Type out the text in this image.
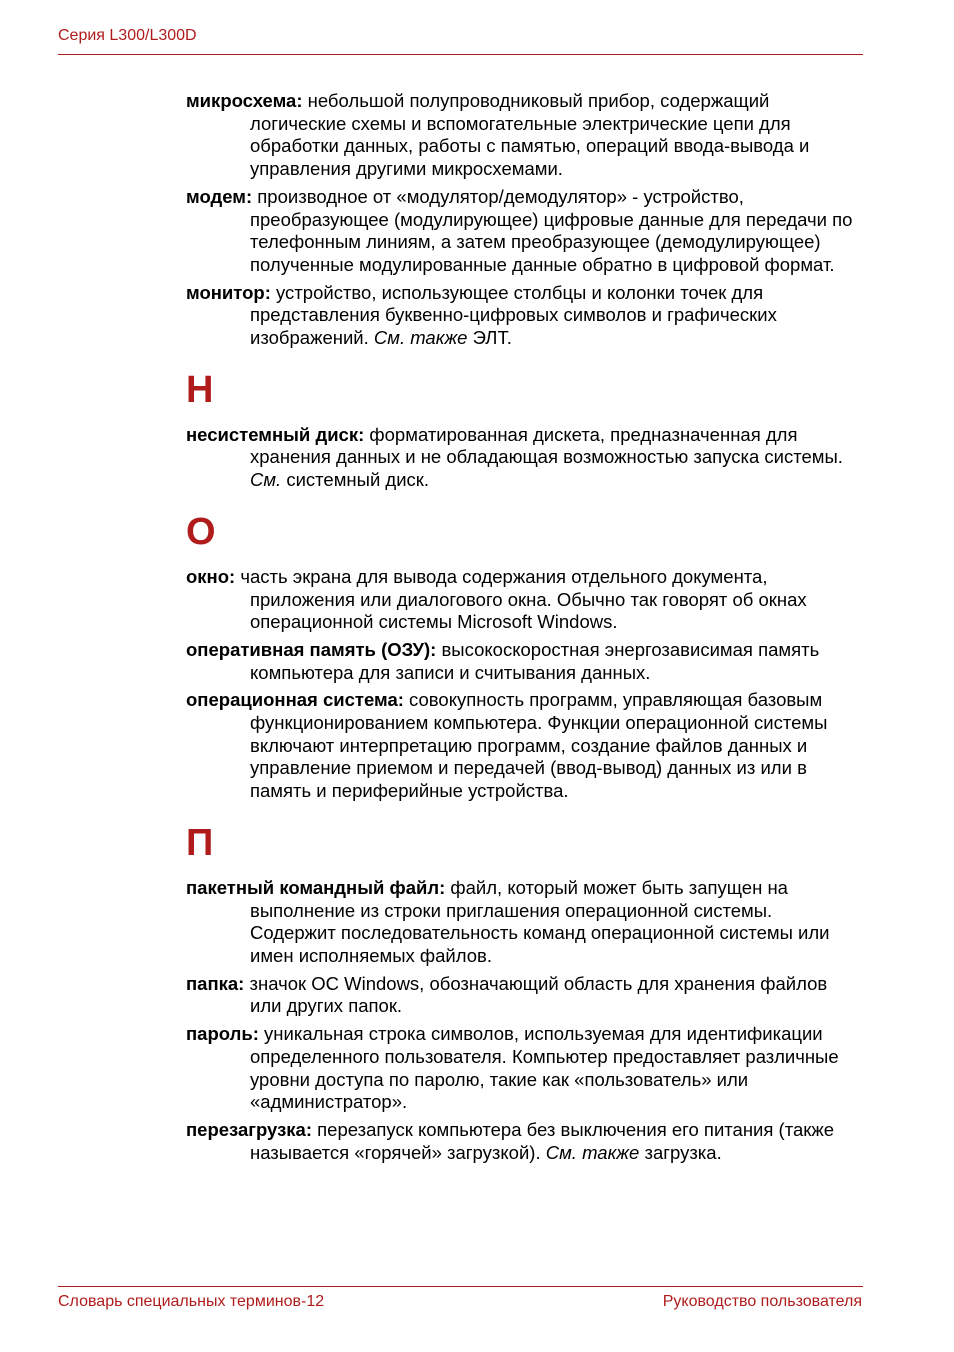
Серия L300/L300D

микросхема: небольшой полупроводниковый прибор, содержащий логические схемы и вспомогательные электрические цепи для обработки данных, работы с памятью, операций ввода-вывода и управления другими микросхемами.

модем: производное от «модулятор/демодулятор» - устройство, преобразующее (модулирующее) цифровые данные для передачи по телефонным линиям, а затем преобразующее (демодулирующее) полученные модулированные данные обратно в цифровой формат.

монитор: устройство, использующее столбцы и колонки точек для представления буквенно-цифровых символов и графических изображений. См. также ЭЛТ.

Н

несистемный диск: форматированная дискета, предназначенная для хранения данных и не обладающая возможностью запуска системы. См. системный диск.

О

окно: часть экрана для вывода содержания отдельного документа, приложения или диалогового окна. Обычно так говорят об окнах операционной системы Microsoft Windows.

оперативная память (ОЗУ): высокоскоростная энергозависимая память компьютера для записи и считывания данных.

операционная система: совокупность программ, управляющая базовым функционированием компьютера. Функции операционной системы включают интерпретацию программ, создание файлов данных и управление приемом и передачей (ввод-вывод) данных из или в память и периферийные устройства.

П

пакетный командный файл: файл, который может быть запущен на выполнение из строки приглашения операционной системы. Содержит последовательность команд операционной системы или имен исполняемых файлов.

папка: значок ОС Windows, обозначающий область для хранения файлов или других папок.

пароль: уникальная строка символов, используемая для идентификации определенного пользователя. Компьютер предоставляет различные уровни доступа по паролю, такие как «пользователь» или «администратор».

перезагрузка: перезапуск компьютера без выключения его питания (также называется «горячей» загрузкой). См. также загрузка.

Словарь специальных терминов-12	Руководство пользователя
